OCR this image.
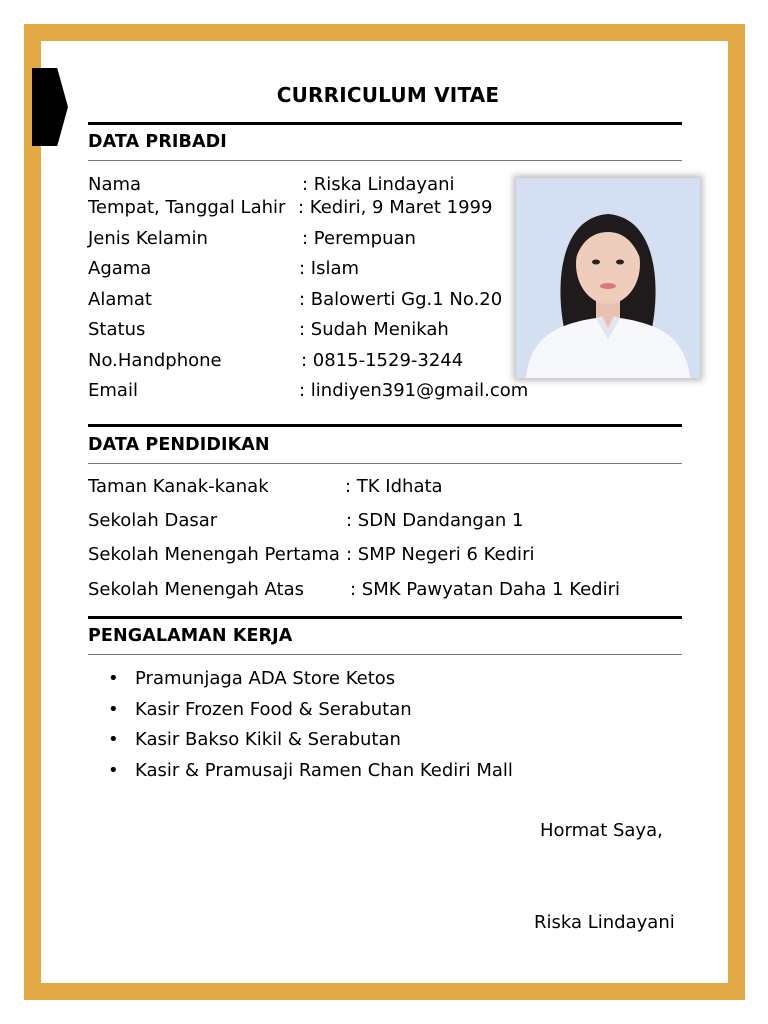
CURRICULUM VITAE
DATA PRIBADI
Nama	: Riska Lindayani
Tempat, Tanggal Lahir : Kediri, 9 Maret 1999
Jenis Kelamin	: Perempuan
Agama	: Islam
Alamat	: Balowerti Gg.1 No.20
Status	: Sudah Menikah
No.Handphone	: 0815-1529-3244
Email	: lindiyen391@gmail.com
DATA PENDIDIKAN
Taman Kanak-kanak	: TK Idhata
Sekolah Dasar	: SDN Dandangan 1
Sekolah Menengah Pertama : SMP Negeri 6 Kediri
Sekolah Menengah Atas	: SMK Pawyatan Daha 1 Kediri
PENGALAMAN KERJA
• Pramunjaga ADA Store Ketos
• Kasir Frozen Food & Serabutan
• Kasir Bakso Kikil & Serabutan
• Kasir & Pramusaji Ramen Chan Kediri Mall
Hormat Saya,
Riska Lindayani
